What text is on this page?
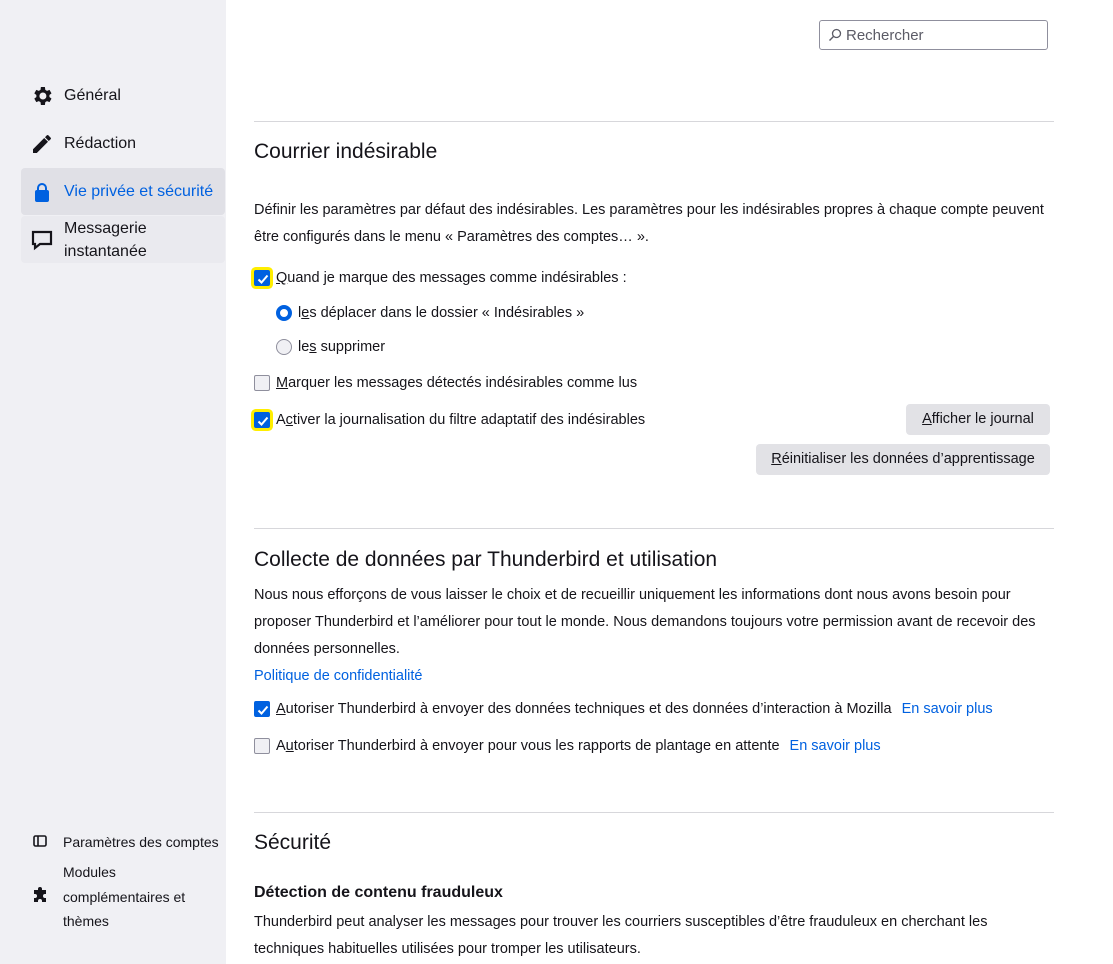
Général
Rédaction
Vie privée et sécurité
Messagerie
instantanée
Paramètres des comptes
Modules
complémentaires et
thèmes
Rechercher
Courrier indésirable
Définir les paramètres par défaut des indésirables. Les paramètres pour les indésirables propres à chaque compte peuvent être configurés dans le menu « Paramètres des comptes… ».
Quand je marque des messages comme indésirables :
les déplacer dans le dossier « Indésirables »
les supprimer
Marquer les messages détectés indésirables comme lus
Activer la journalisation du filtre adaptatif des indésirables	Afficher le journal
Réinitialiser les données d’apprentissage
Collecte de données par Thunderbird et utilisation
Nous nous efforçons de vous laisser le choix et de recueillir uniquement les informations dont nous avons besoin pour proposer Thunderbird et l’améliorer pour tout le monde. Nous demandons toujours votre permission avant de recevoir des données personnelles.
Politique de confidentialité
Autoriser Thunderbird à envoyer des données techniques et des données d’interaction à Mozilla En savoir plus
Autoriser Thunderbird à envoyer pour vous les rapports de plantage en attente En savoir plus
Sécurité
Détection de contenu frauduleux
Thunderbird peut analyser les messages pour trouver les courriers susceptibles d’être frauduleux en cherchant les techniques habituelles utilisées pour tromper les utilisateurs.
